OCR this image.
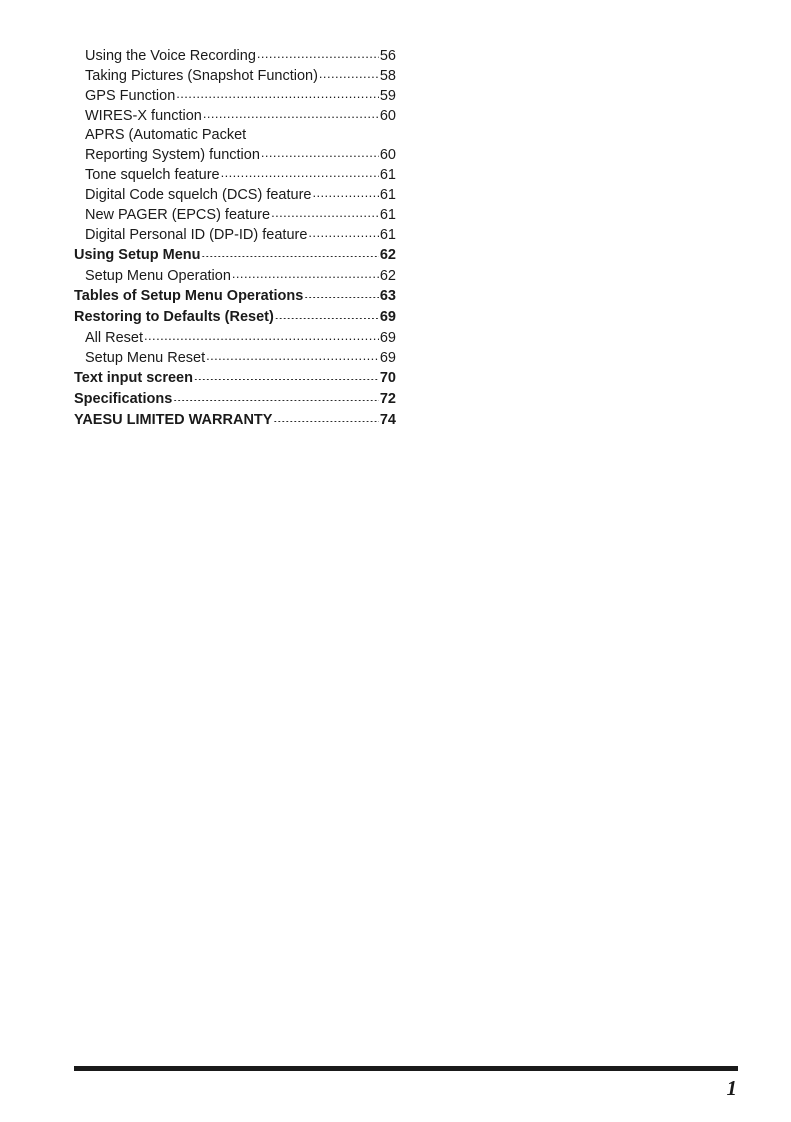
Using the Voice Recording .....	56
Taking Pictures (Snapshot Function) .....	58
GPS Function .....	59
WIRES-X function .....	60
APRS (Automatic Packet
Reporting System) function .....	60
Tone squelch feature .....	61
Digital Code squelch (DCS) feature .....	61
New PAGER (EPCS) feature .....	61
Digital Personal ID (DP-ID) feature .....	61
Using Setup Menu .....	62
Setup Menu Operation .....	62
Tables of Setup Menu Operations .....	63
Restoring to Defaults (Reset) .....	69
All Reset .....	69
Setup Menu Reset .....	69
Text input screen .....	70
Specifications .....	72
YAESU LIMITED WARRANTY .....	74
1
